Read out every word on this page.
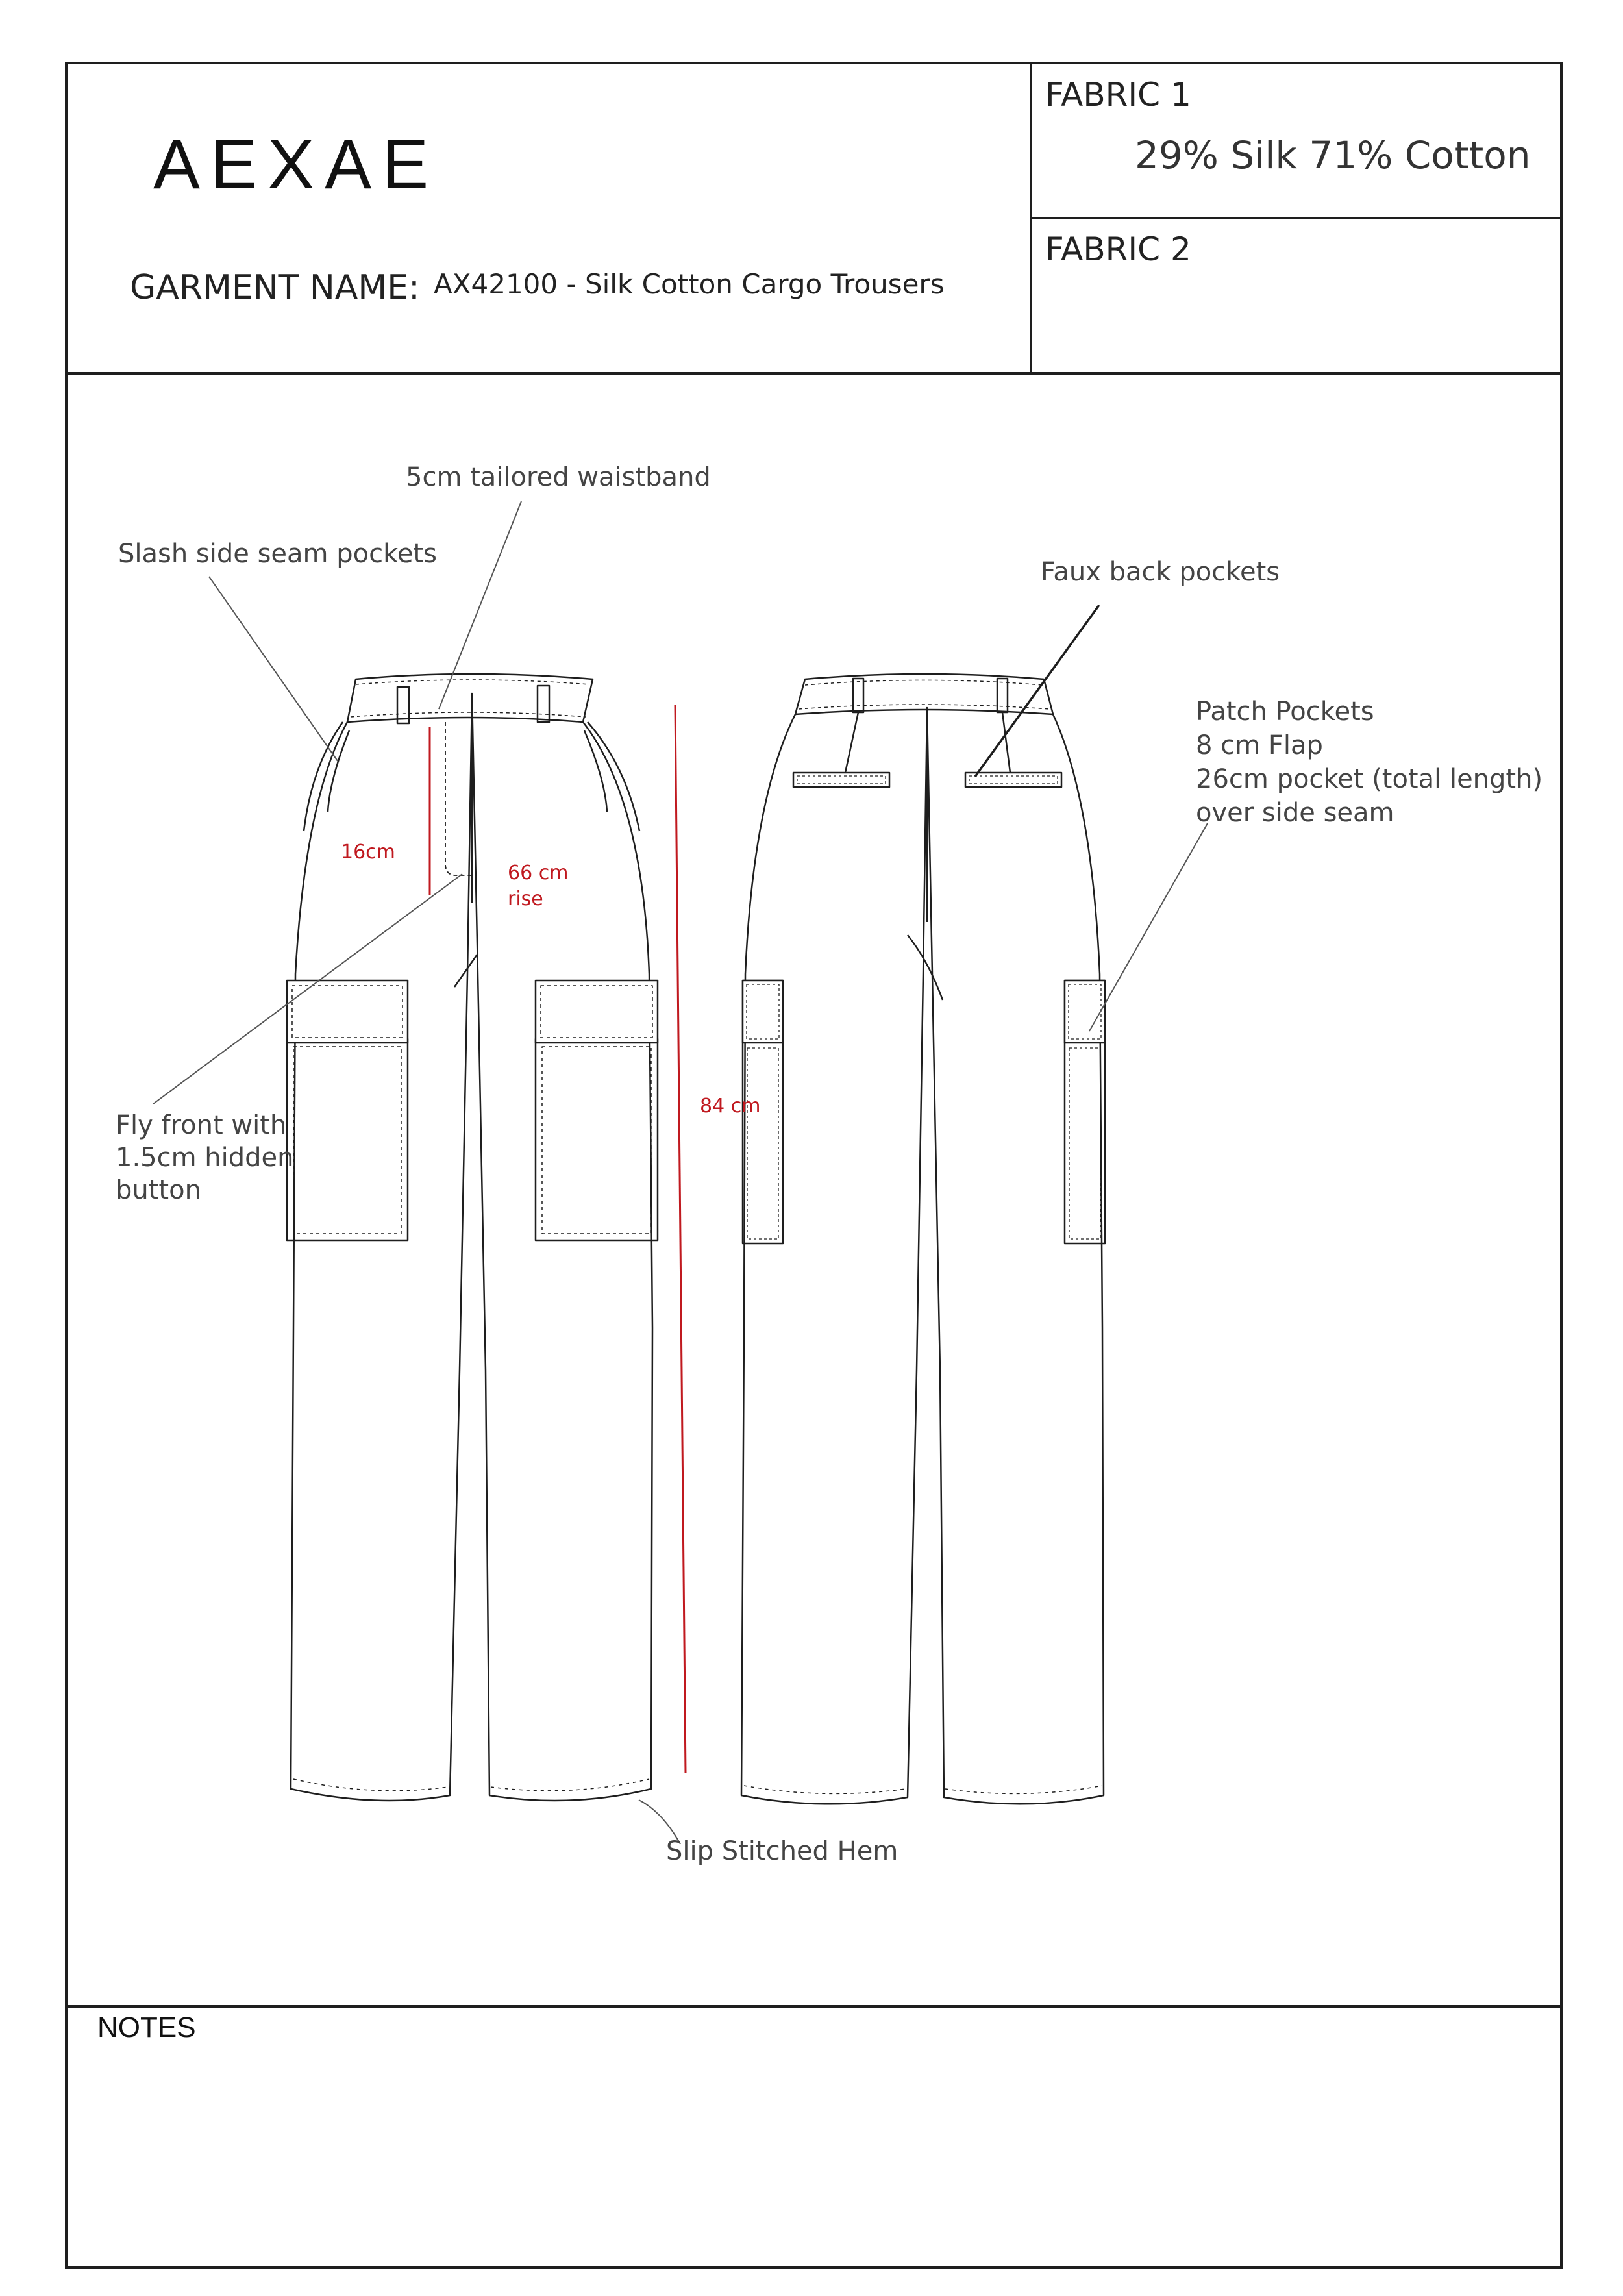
AEXAE
GARMENT NAME: AX42100 - Silk Cotton Cargo Trousers
FABRIC 1
29% Silk 71% Cotton
FABRIC 2
5cm tailored waistband
Slash side seam pockets
Faux back pockets
Patch Pockets
8 cm Flap
26cm pocket (total length)
over side seam
Fly front with
1.5cm hidden
button
Slip Stitched Hem
16cm
66 cm
rise
84 cm
NOTES
